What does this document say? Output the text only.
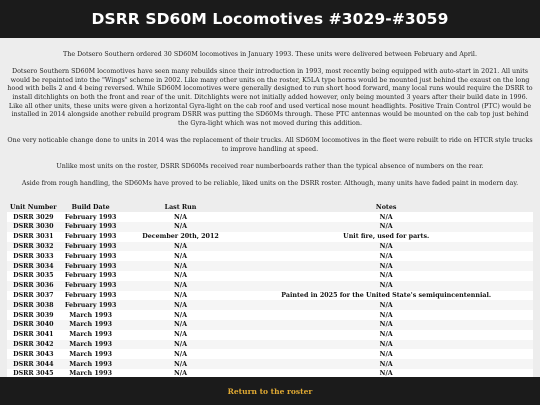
DSRR SD60M Locomotives #3029-#3059

The Dotsero Southern ordered 30 SD60M locomotives in January 1993. These units were delivered between February and April.

Dotsero Southern SD60M locomotives have seen many rebuilds since their introduction in 1993, most recently being equipped with auto-start in 2021. All units would be repainted into the "Wings" scheme in 2002. Like many other units on the roster, K5LA type horns would be mounted just behind the exaust on the long hood with bells 2 and 4 being reversed. While SD60M locomotives were generally designed to run short hood forward, many local runs would require the DSRR to install ditchlights on both the front and rear of the unit. Ditchlights were not initially added however, only being mounted 3 years after their build date in 1996. Like all other units, these units were given a horizontal Gyra-light on the cab roof and used vertical nose mount headlights. Positive Train Control (PTC) would be installed in 2014 alongside another rebuild program DSRR was putting the SD60Ms through. These PTC antennas would be mounted on the cab top just behind the Gyra-light which was not moved during this addition.

One very noticable change done to units in 2014 was the replacement of their trucks. All SD60M locomotives in the fleet were rebuilt to ride on HTCR style trucks to improve handling at speed.

Unlike most units on the roster, DSRR SD60Ms received rear numberboards rather than the typical absence of numbers on the rear.

Aside from rough handling, the SD60Ms have proved to be reliable, liked units on the DSRR roster. Although, many units have faded paint in modern day.

Unit Number	Build Date	Last Run	Notes
DSRR 3029	February 1993	N/A	N/A
DSRR 3030	February 1993	N/A	N/A
DSRR 3031	February 1993	December 20th, 2012	Unit fire, used for parts.
DSRR 3032	February 1993	N/A	N/A
DSRR 3033	February 1993	N/A	N/A
DSRR 3034	February 1993	N/A	N/A
DSRR 3035	February 1993	N/A	N/A
DSRR 3036	February 1993	N/A	N/A
DSRR 3037	February 1993	N/A	Painted in 2025 for the United State's semiquincentennial.
DSRR 3038	February 1993	N/A	N/A
DSRR 3039	March 1993	N/A	N/A
DSRR 3040	March 1993	N/A	N/A
DSRR 3041	March 1993	N/A	N/A
DSRR 3042	March 1993	N/A	N/A
DSRR 3043	March 1993	N/A	N/A
DSRR 3044	March 1993	N/A	N/A
DSRR 3045	March 1993	N/A	N/A
Return to the roster
